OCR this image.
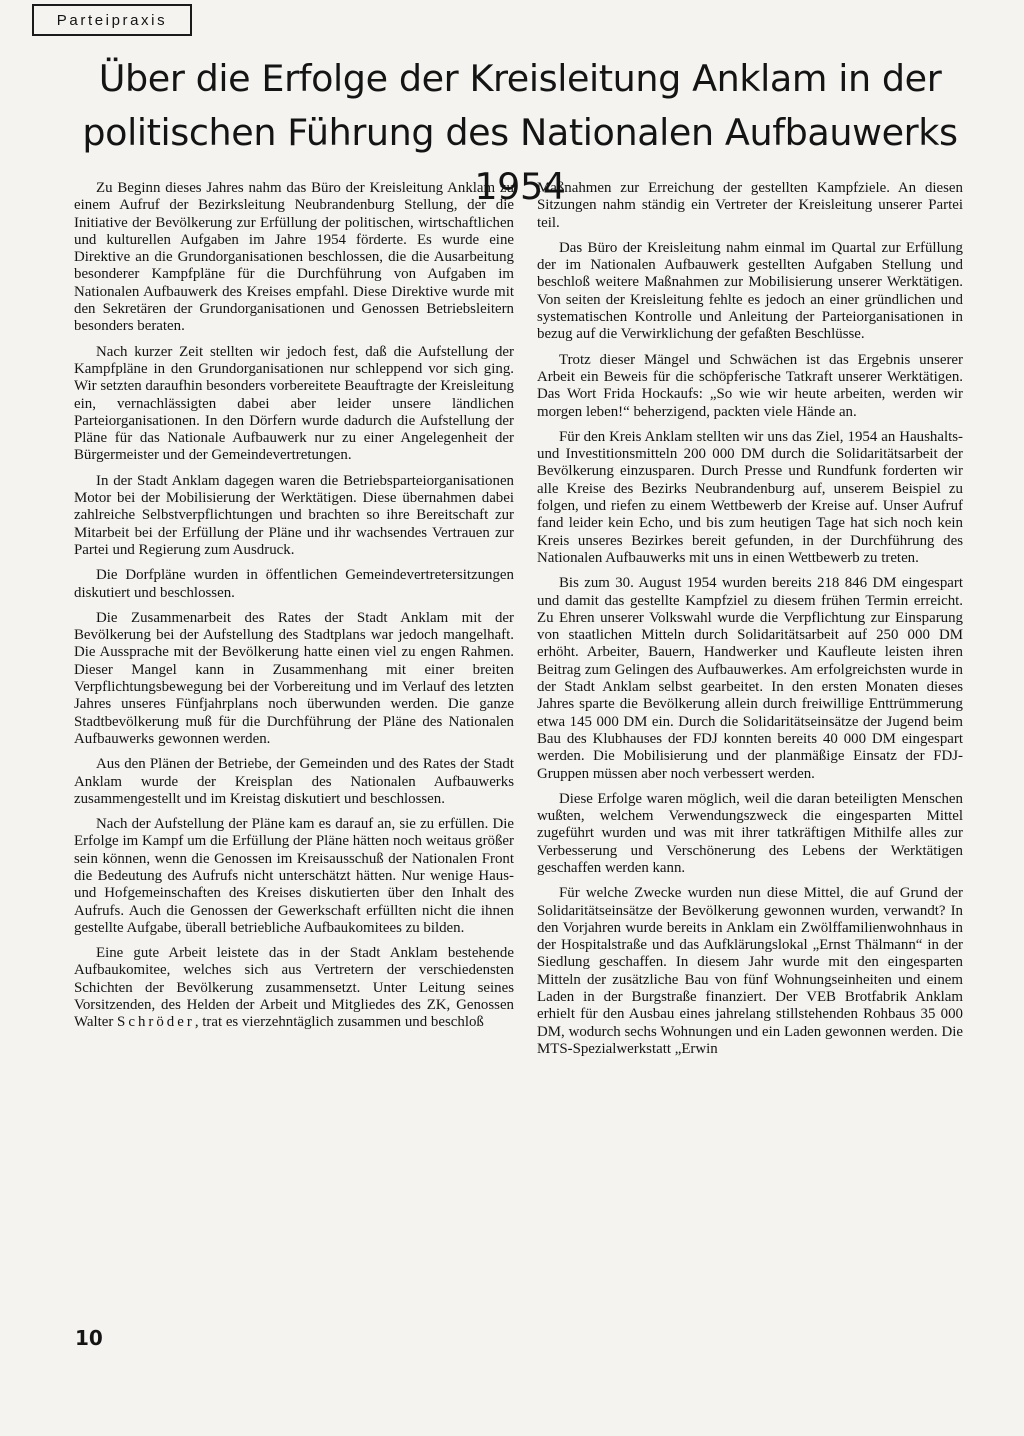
Parteipraxis
Über die Erfolge der Kreisleitung Anklam in der
politischen Führung des Nationalen Aufbauwerks 1954

Zu Beginn dieses Jahres nahm das Büro der Kreisleitung Anklam zu einem Aufruf der Bezirksleitung Neubrandenburg Stellung, der die Initiative der Bevölkerung zur Erfüllung der politischen, wirtschaftlichen und kulturellen Aufgaben im Jahre 1954 förderte. Es wurde eine Direktive an die Grundorganisationen beschlossen, die die Ausarbeitung besonderer Kampfpläne für die Durchführung von Aufgaben im Nationalen Aufbauwerk des Kreises empfahl. Diese Direktive wurde mit den Sekretären der Grundorganisationen und Genossen Betriebsleitern besonders beraten.

Nach kurzer Zeit stellten wir jedoch fest, daß die Aufstellung der Kampfpläne in den Grundorganisationen nur schleppend vor sich ging. Wir setzten daraufhin besonders vorbereitete Beauftragte der Kreisleitung ein, vernachlässigten dabei aber leider unsere ländlichen Parteiorganisationen. In den Dörfern wurde dadurch die Aufstellung der Pläne für das Nationale Aufbauwerk nur zu einer Angelegenheit der Bürgermeister und der Gemeindevertretungen.

In der Stadt Anklam dagegen waren die Betriebsparteiorganisationen Motor bei der Mobilisierung der Werktätigen. Diese übernahmen dabei zahlreiche Selbstverpflichtungen und brachten so ihre Bereitschaft zur Mitarbeit bei der Erfüllung der Pläne und ihr wachsendes Vertrauen zur Partei und Regierung zum Ausdruck.

Die Dorfpläne wurden in öffentlichen Gemeindevertretersitzungen diskutiert und beschlossen.

Die Zusammenarbeit des Rates der Stadt Anklam mit der Bevölkerung bei der Aufstellung des Stadtplans war jedoch mangelhaft. Die Aussprache mit der Bevölkerung hatte einen viel zu engen Rahmen. Dieser Mangel kann in Zusammenhang mit einer breiten Verpflichtungsbewegung bei der Vorbereitung und im Verlauf des letzten Jahres unseres Fünfjahrplans noch überwunden werden. Die ganze Stadtbevölkerung muß für die Durchführung der Pläne des Nationalen Aufbauwerks gewonnen werden.

Aus den Plänen der Betriebe, der Gemeinden und des Rates der Stadt Anklam wurde der Kreisplan des Nationalen Aufbauwerks zusammengestellt und im Kreistag diskutiert und beschlossen.

Nach der Aufstellung der Pläne kam es darauf an, sie zu erfüllen. Die Erfolge im Kampf um die Erfüllung der Pläne hätten noch weitaus größer sein können, wenn die Genossen im Kreisausschuß der Nationalen Front die Bedeutung des Aufrufs nicht unterschätzt hätten. Nur wenige Haus- und Hofgemeinschaften des Kreises diskutierten über den Inhalt des Aufrufs. Auch die Genossen der Gewerkschaft erfüllten nicht die ihnen gestellte Aufgabe, überall betriebliche Aufbaukomitees zu bilden.

Eine gute Arbeit leistete das in der Stadt Anklam bestehende Aufbaukomitee, welches sich aus Vertretern der verschiedensten Schichten der Bevölkerung zusammensetzt. Unter Leitung seines Vorsitzenden, des Helden der Arbeit und Mitgliedes des ZK, Genossen Walter Schröder, trat es vierzehntäglich zusammen und beschloß

Maßnahmen zur Erreichung der gestellten Kampfziele. An diesen Sitzungen nahm ständig ein Vertreter der Kreisleitung unserer Partei teil.

Das Büro der Kreisleitung nahm einmal im Quartal zur Erfüllung der im Nationalen Aufbauwerk gestellten Aufgaben Stellung und beschloß weitere Maßnahmen zur Mobilisierung unserer Werktätigen. Von seiten der Kreisleitung fehlte es jedoch an einer gründlichen und systematischen Kontrolle und Anleitung der Parteiorganisationen in bezug auf die Verwirklichung der gefaßten Beschlüsse.

Trotz dieser Mängel und Schwächen ist das Ergebnis unserer Arbeit ein Beweis für die schöpferische Tatkraft unserer Werktätigen. Das Wort Frida Hockaufs: „So wie wir heute arbeiten, werden wir morgen leben!“ beherzigend, packten viele Hände an.

Für den Kreis Anklam stellten wir uns das Ziel, 1954 an Haushalts- und Investitionsmitteln 200 000 DM durch die Solidaritätsarbeit der Bevölkerung einzusparen. Durch Presse und Rundfunk forderten wir alle Kreise des Bezirks Neubrandenburg auf, unserem Beispiel zu folgen, und riefen zu einem Wettbewerb der Kreise auf. Unser Aufruf fand leider kein Echo, und bis zum heutigen Tage hat sich noch kein Kreis unseres Bezirkes bereit gefunden, in der Durchführung des Nationalen Aufbauwerks mit uns in einen Wettbewerb zu treten.

Bis zum 30. August 1954 wurden bereits 218 846 DM eingespart und damit das gestellte Kampfziel zu diesem frühen Termin erreicht. Zu Ehren unserer Volkswahl wurde die Verpflichtung zur Einsparung von staatlichen Mitteln durch Solidaritätsarbeit auf 250 000 DM erhöht. Arbeiter, Bauern, Handwerker und Kaufleute leisten ihren Beitrag zum Gelingen des Aufbauwerkes. Am erfolgreichsten wurde in der Stadt Anklam selbst gearbeitet. In den ersten Monaten dieses Jahres sparte die Bevölkerung allein durch freiwillige Enttrümmerung etwa 145 000 DM ein. Durch die Solidaritätseinsätze der Jugend beim Bau des Klubhauses der FDJ konnten bereits 40 000 DM eingespart werden. Die Mobilisierung und der planmäßige Einsatz der FDJ-Gruppen müssen aber noch verbessert werden.

Diese Erfolge waren möglich, weil die daran beteiligten Menschen wußten, welchem Verwendungszweck die eingesparten Mittel zugeführt wurden und was mit ihrer tatkräftigen Mithilfe alles zur Verbesserung und Verschönerung des Lebens der Werktätigen geschaffen werden kann.

Für welche Zwecke wurden nun diese Mittel, die auf Grund der Solidaritätseinsätze der Bevölkerung gewonnen wurden, verwandt? In den Vorjahren wurde bereits in Anklam ein Zwölffamilienwohnhaus in der Hospitalstraße und das Aufklärungslokal „Ernst Thälmann“ in der Siedlung geschaffen. In diesem Jahr wurde mit den eingesparten Mitteln der zusätzliche Bau von fünf Wohnungseinheiten und einem Laden in der Burgstraße finanziert. Der VEB Brotfabrik Anklam erhielt für den Ausbau eines jahrelang stillstehenden Rohbaus 35 000 DM, wodurch sechs Wohnungen und ein Laden gewonnen werden. Die MTS-Spezialwerkstatt „Erwin

10
